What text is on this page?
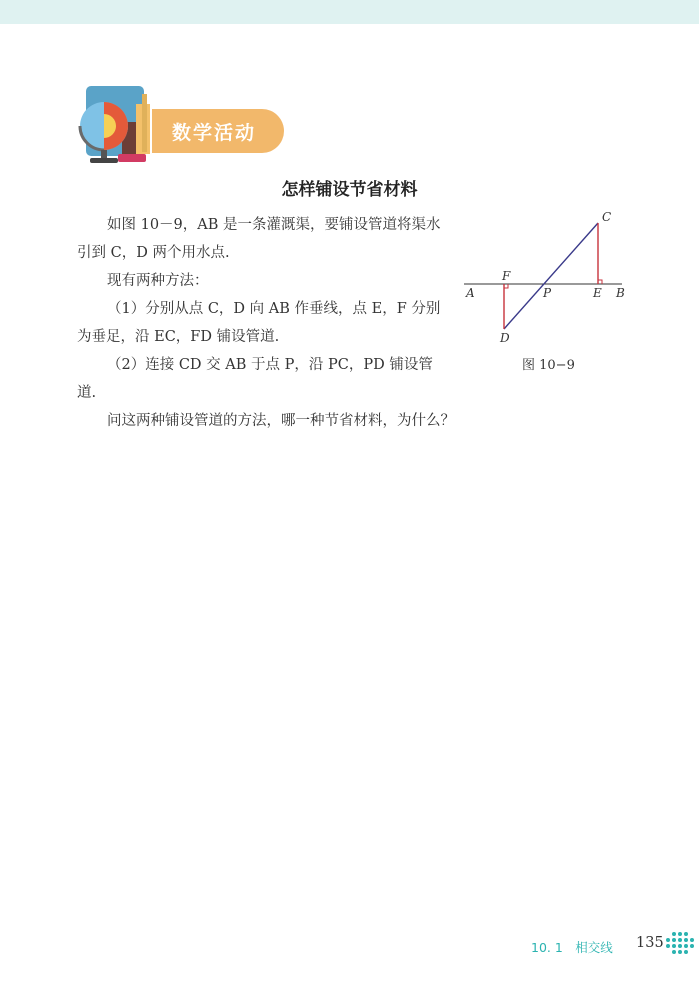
数学活动
怎样铺设节省材料
如图 10－9，AB 是一条灌溉渠，要铺设管道将渠水引到 C，D 两个用水点.
现有两种方法：
（1）分别从点 C，D 向 AB 作垂线，点 E，F 分别为垂足，沿 EC，FD 铺设管道.
（2）连接 CD 交 AB 于点 P，沿 PC，PD 铺设管道.
问这两种铺设管道的方法，哪一种节省材料，为什么？
A	B
C
D
E
F
P
图 10−9
10. 1　相交线 135
